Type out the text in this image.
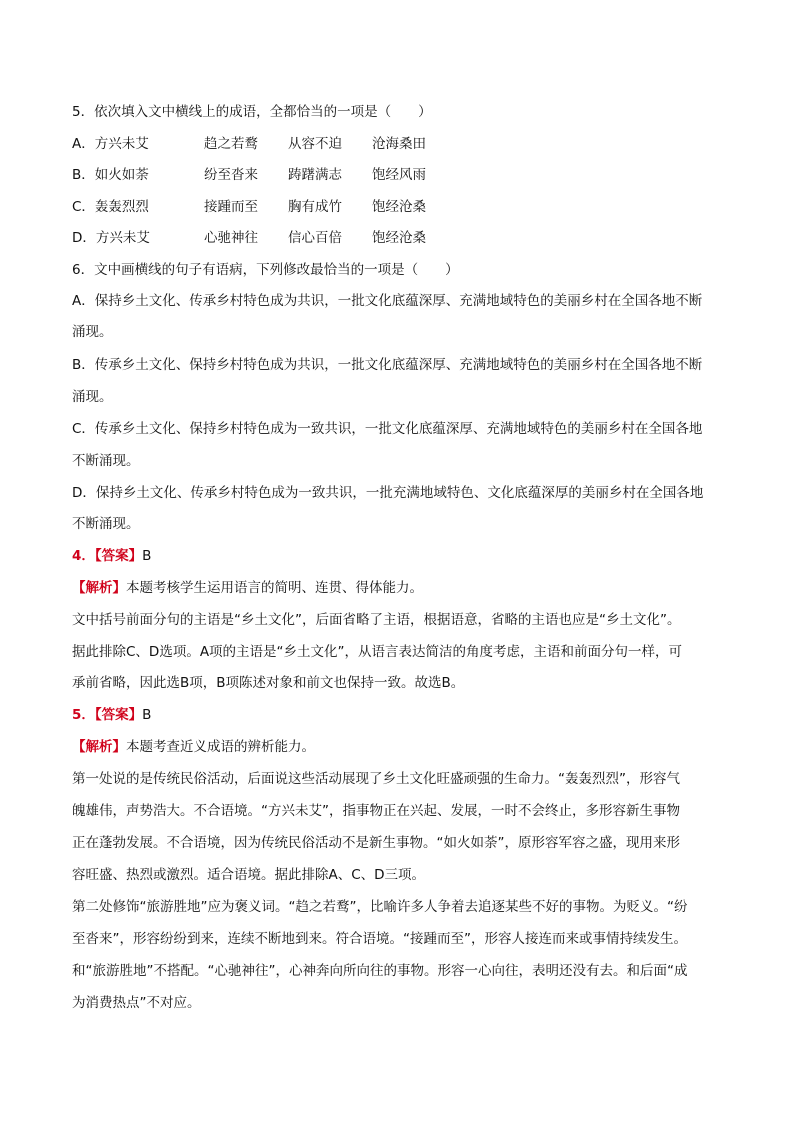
5．依次填入文中横线上的成语，全都恰当的一项是（　　）
A．方兴未艾	趋之若鹜 从容不迫 沧海桑田
B．如火如荼	纷至沓来 踌躇满志 饱经风雨
C．轰轰烈烈	接踵而至 胸有成竹 饱经沧桑
D．方兴未艾	心驰神往 信心百倍 饱经沧桑
6．文中画横线的句子有语病，下列修改最恰当的一项是（　　）
A．保持乡土文化、传承乡村特色成为共识，一批文化底蕴深厚、充满地域特色的美丽乡村在全国各地不断
涌现。
B．传承乡土文化、保持乡村特色成为共识，一批文化底蕴深厚、充满地域特色的美丽乡村在全国各地不断
涌现。
C．传承乡土文化、保持乡村特色成为一致共识，一批文化底蕴深厚、充满地域特色的美丽乡村在全国各地
不断涌现。
D．保持乡土文化、传承乡村特色成为一致共识，一批充满地域特色、文化底蕴深厚的美丽乡村在全国各地
不断涌现。
4．【答案】B
【解析】本题考核学生运用语言的简明、连贯、得体能力。
文中括号前面分句的主语是“乡土文化”，后面省略了主语，根据语意，省略的主语也应是“乡土文化”。
据此排除C、D选项。A项的主语是“乡土文化”，从语言表达简洁的角度考虑，主语和前面分句一样，可
承前省略，因此选B项，B项陈述对象和前文也保持一致。故选B。
5．【答案】B
【解析】本题考查近义成语的辨析能力。
第一处说的是传统民俗活动，后面说这些活动展现了乡土文化旺盛顽强的生命力。“轰轰烈烈”，形容气
魄雄伟，声势浩大。不合语境。“方兴未艾”，指事物正在兴起、发展，一时不会终止，多形容新生事物
正在蓬勃发展。不合语境，因为传统民俗活动不是新生事物。“如火如荼”，原形容军容之盛，现用来形
容旺盛、热烈或激烈。适合语境。据此排除A、C、D三项。
第二处修饰“旅游胜地”应为褒义词。“趋之若鹜”，比喻许多人争着去追逐某些不好的事物。为贬义。“纷
至沓来”，形容纷纷到来，连续不断地到来。符合语境。“接踵而至”，形容人接连而来或事情持续发生。
和“旅游胜地”不搭配。“心驰神往”，心神奔向所向往的事物。形容一心向往，表明还没有去。和后面“成
为消费热点”不对应。
